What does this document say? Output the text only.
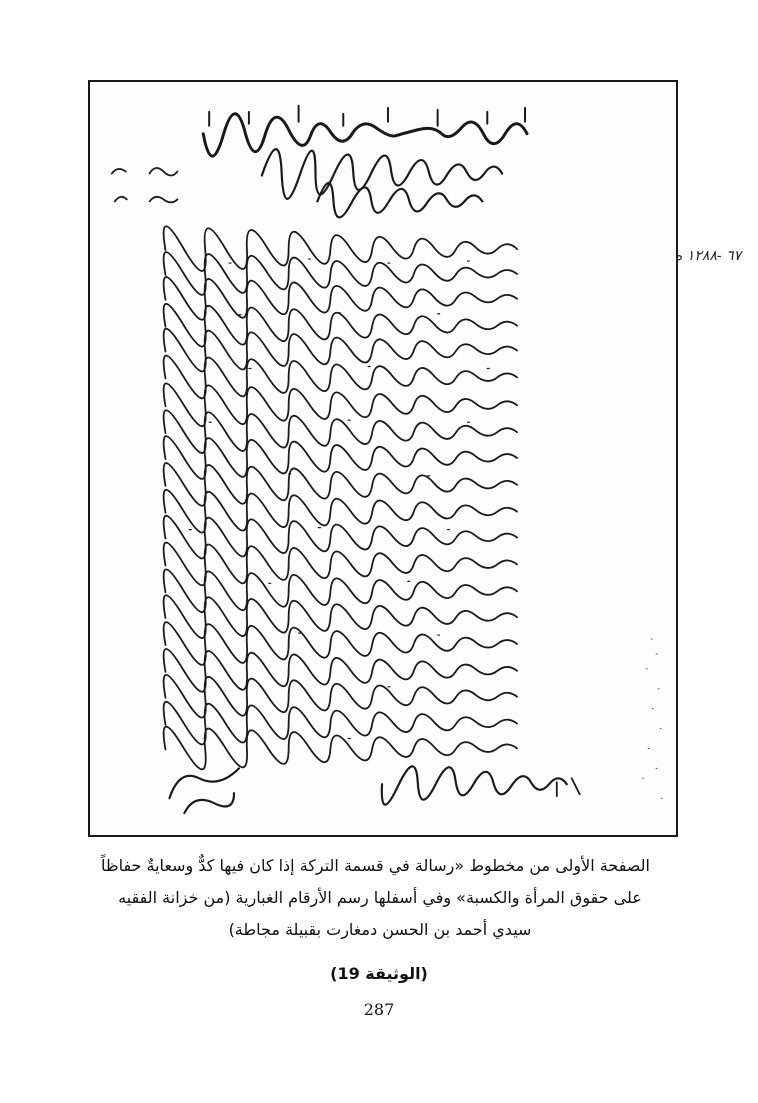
٦٧ -١٢٨٨ ه
الصفحة الأولى من مخطوط «رسالة في قسمة التركة إذا كان فيها كدٌّ وسعايةٌ حفاظاً
على حقوق المرأة والكسبة» وفي أسفلها رسم الأرقام الغبارية (من خزانة الفقيه
سيدي أحمد بن الحسن دمغارت بقبيلة مجاطة)
(الوثيقة 19)
287
